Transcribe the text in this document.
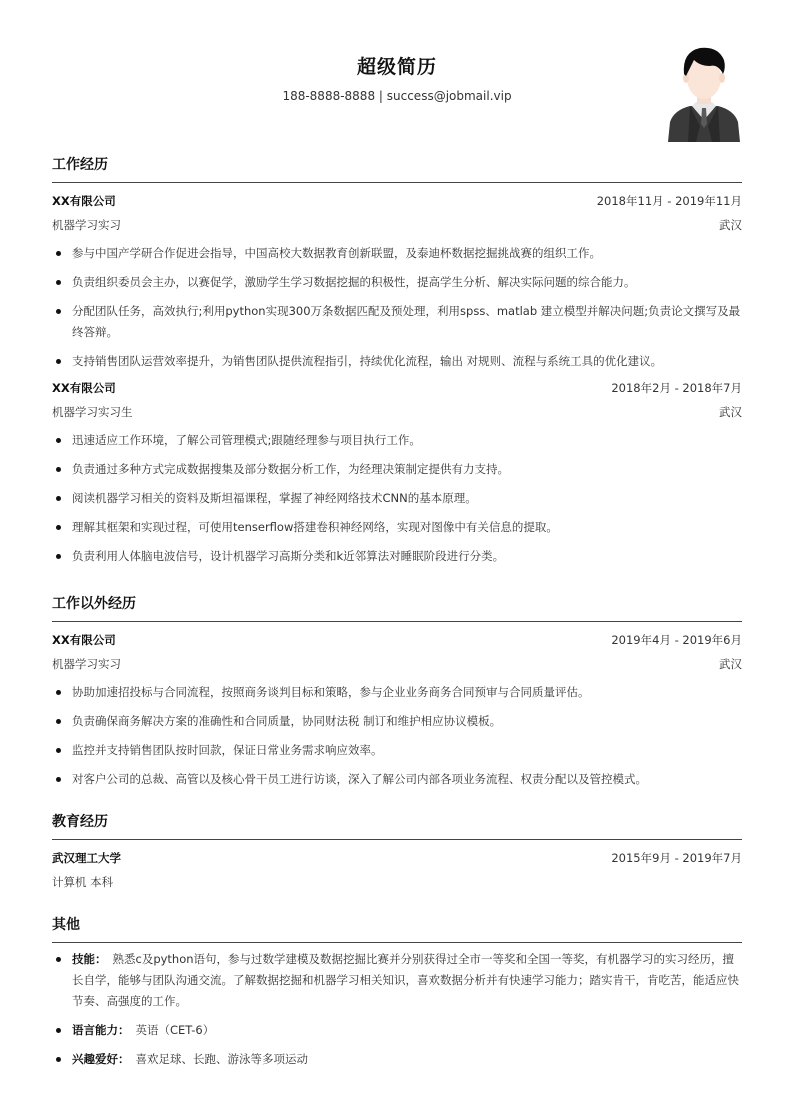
超级简历
188-8888-8888 | success@jobmail.vip
工作经历
XX有限公司	2018年11月 - 2019年11月
机器学习实习	武汉
参与中国产学研合作促进会指导，中国高校大数据教育创新联盟，及泰迪杯数据挖掘挑战赛的组织工作。
负责组织委员会主办，以赛促学，激励学生学习数据挖掘的积极性，提高学生分析、解决实际问题的综合能力。
分配团队任务，高效执行;利用python实现300万条数据匹配及预处理，利用spss、matlab 建立模型并解决问题;负责论文撰写及最终答辩。
支持销售团队运营效率提升，为销售团队提供流程指引，持续优化流程，输出 对规则、流程与系统工具的优化建议。
XX有限公司	2018年2月 - 2018年7月
机器学习实习生	武汉
迅速适应工作环境，了解公司管理模式;跟随经理参与项目执行工作。
负责通过多种方式完成数据搜集及部分数据分析工作，为经理决策制定提供有力支持。
阅读机器学习相关的资料及斯坦福课程，掌握了神经网络技术CNN的基本原理。
理解其框架和实现过程，可使用tenserflow搭建卷积神经网络，实现对图像中有关信息的提取。
负责利用人体脑电波信号，设计机器学习高斯分类和k近邻算法对睡眠阶段进行分类。
工作以外经历
XX有限公司	2019年4月 - 2019年6月
机器学习实习	武汉
协助加速招投标与合同流程，按照商务谈判目标和策略，参与企业业务商务合同预审与合同质量评估。
负责确保商务解决方案的准确性和合同质量，协同财法税 制订和维护相应协议模板。
监控并支持销售团队按时回款，保证日常业务需求响应效率。
对客户公司的总裁、高管以及核心骨干员工进行访谈，深入了解公司内部各项业务流程、权责分配以及管控模式。
教育经历
武汉理工大学	2015年9月 - 2019年7月
计算机 本科
其他
技能： 熟悉c及python语句，参与过数学建模及数据挖掘比赛并分别获得过全市一等奖和全国一等奖，有机器学习的实习经历，擅长自学，能够与团队沟通交流。了解数据挖掘和机器学习相关知识，喜欢数据分析并有快速学习能力；踏实肯干，肯吃苦，能适应快节奏、高强度的工作。
语言能力： 英语（CET-6）
兴趣爱好： 喜欢足球、长跑、游泳等多项运动
